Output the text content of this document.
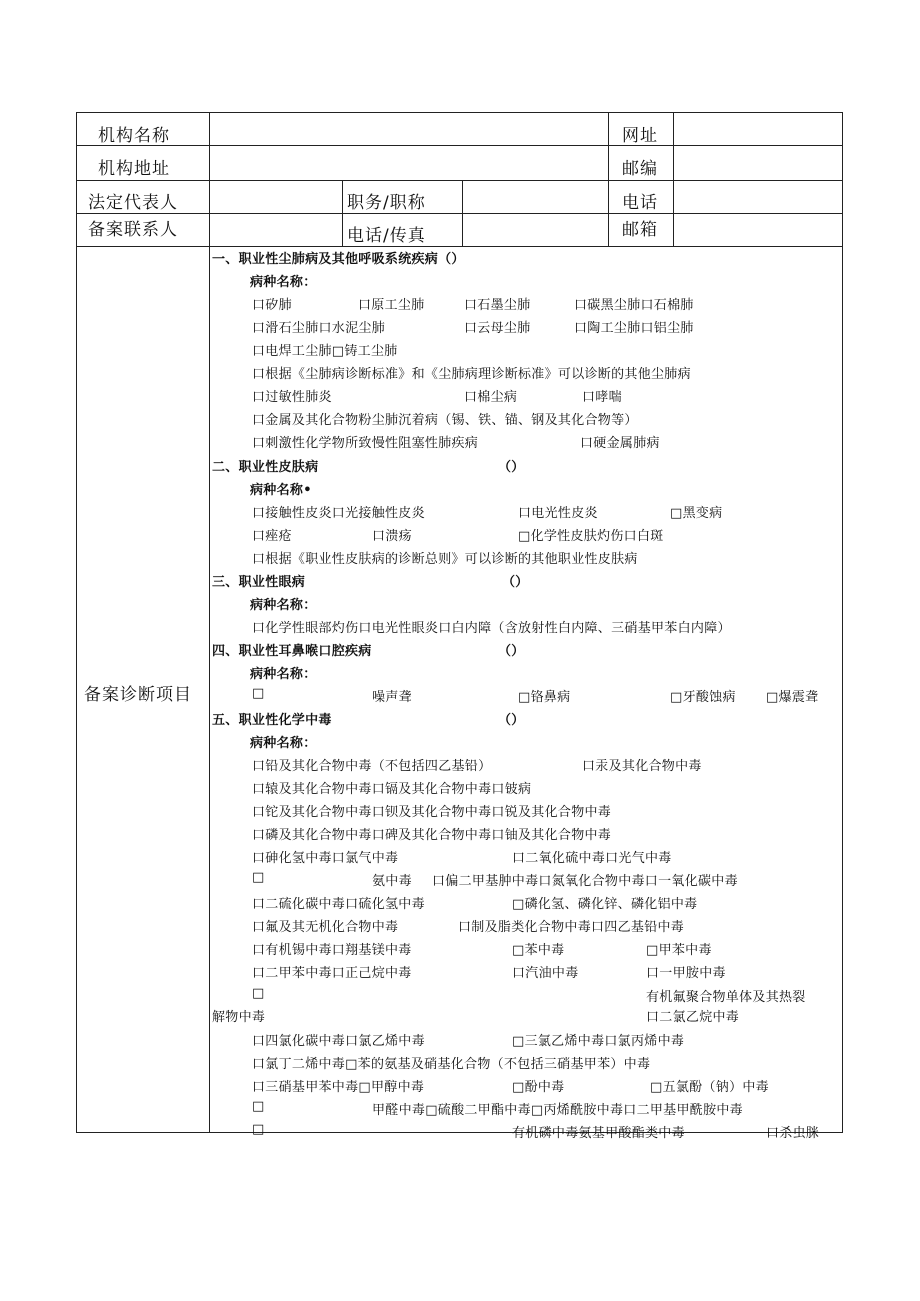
机构名称	网址
机构地址	邮编
法定代表人	职务/职称	电话
备案联系人	电话/传真	邮箱
备案诊断项目
一、职业性尘肺病及其他呼吸系统疾病（）
病种名称：
口矽肺	口原工尘肺	口石墨尘肺	口碳黑尘肺口石棉肺
口滑石尘肺口水泥尘肺	口云母尘肺	口陶工尘肺口铝尘肺
口电焊工尘肺□铸工尘肺
口根据《尘肺病诊断标准》和《尘肺病理诊断标准》可以诊断的其他尘肺病
口过敏性肺炎	口棉尘病	口哮喘
口金属及其化合物粉尘肺沉着病（锡、铁、锚、钢及其化合物等）
口刺激性化学物所致慢性阻塞性肺疾病	口硬金属肺病
二、职业性皮肤病	（）
病种名称•
口接触性皮炎口光接触性皮炎	口电光性皮炎	□黑变病
口痤疮	口溃疡	□化学性皮肤灼伤口白斑
口根据《职业性皮肤病的诊断总则》可以诊断的其他职业性皮肤病
三、职业性眼病	（）
病种名称：
口化学性眼部灼伤口电光性眼炎口白内障（含放射性白内障、三硝基甲苯白内障）
四、职业性耳鼻喉口腔疾病	（）
病种名称：
□	噪声聋	□铬鼻病	□牙酸蚀病 □爆震聋
五、职业性化学中毒	（）
病种名称：
口铅及其化合物中毒（不包括四乙基铅）	口汞及其化合物中毒
口辕及其化合物中毒口镉及其化合物中毒口铍病
口铊及其化合物中毒口钡及其化合物中毒口锐及其化合物中毒
口磷及其化合物中毒口碑及其化合物中毒口铀及其化合物中毒
口砷化氢中毒口氯气中毒	口二氧化硫中毒口光气中毒
□	氨中毒 口偏二甲基肿中毒口氮氧化合物中毒口一氧化碳中毒
口二硫化碳中毒口硫化氢中毒	□磷化氢、磷化锌、磷化铝中毒
口氟及其无机化合物中毒	口制及脂类化合物中毒口四乙基铅中毒
口有机锡中毒口翔基镁中毒	□苯中毒	□甲苯中毒
口二甲苯中毒口正己烷中毒	口汽油中毒	口一甲胺中毒
□	有机氟聚合物单体及其热裂
解物中毒	口二氯乙烷中毒
口四氯化碳中毒口氯乙烯中毒	□三氯乙烯中毒口氯丙烯中毒
口氯丁二烯中毒□苯的氨基及硝基化合物（不包括三硝基甲苯）中毒
口三硝基甲苯中毒□甲醇中毒	□酚中毒	□五氯酚（钠）中毒
□	甲醛中毒□硫酸二甲酯中毒□丙烯酰胺中毒口二甲基甲酰胺中毒
□	有机磷中毒氨基甲酸酯类中毒	口杀虫脒
